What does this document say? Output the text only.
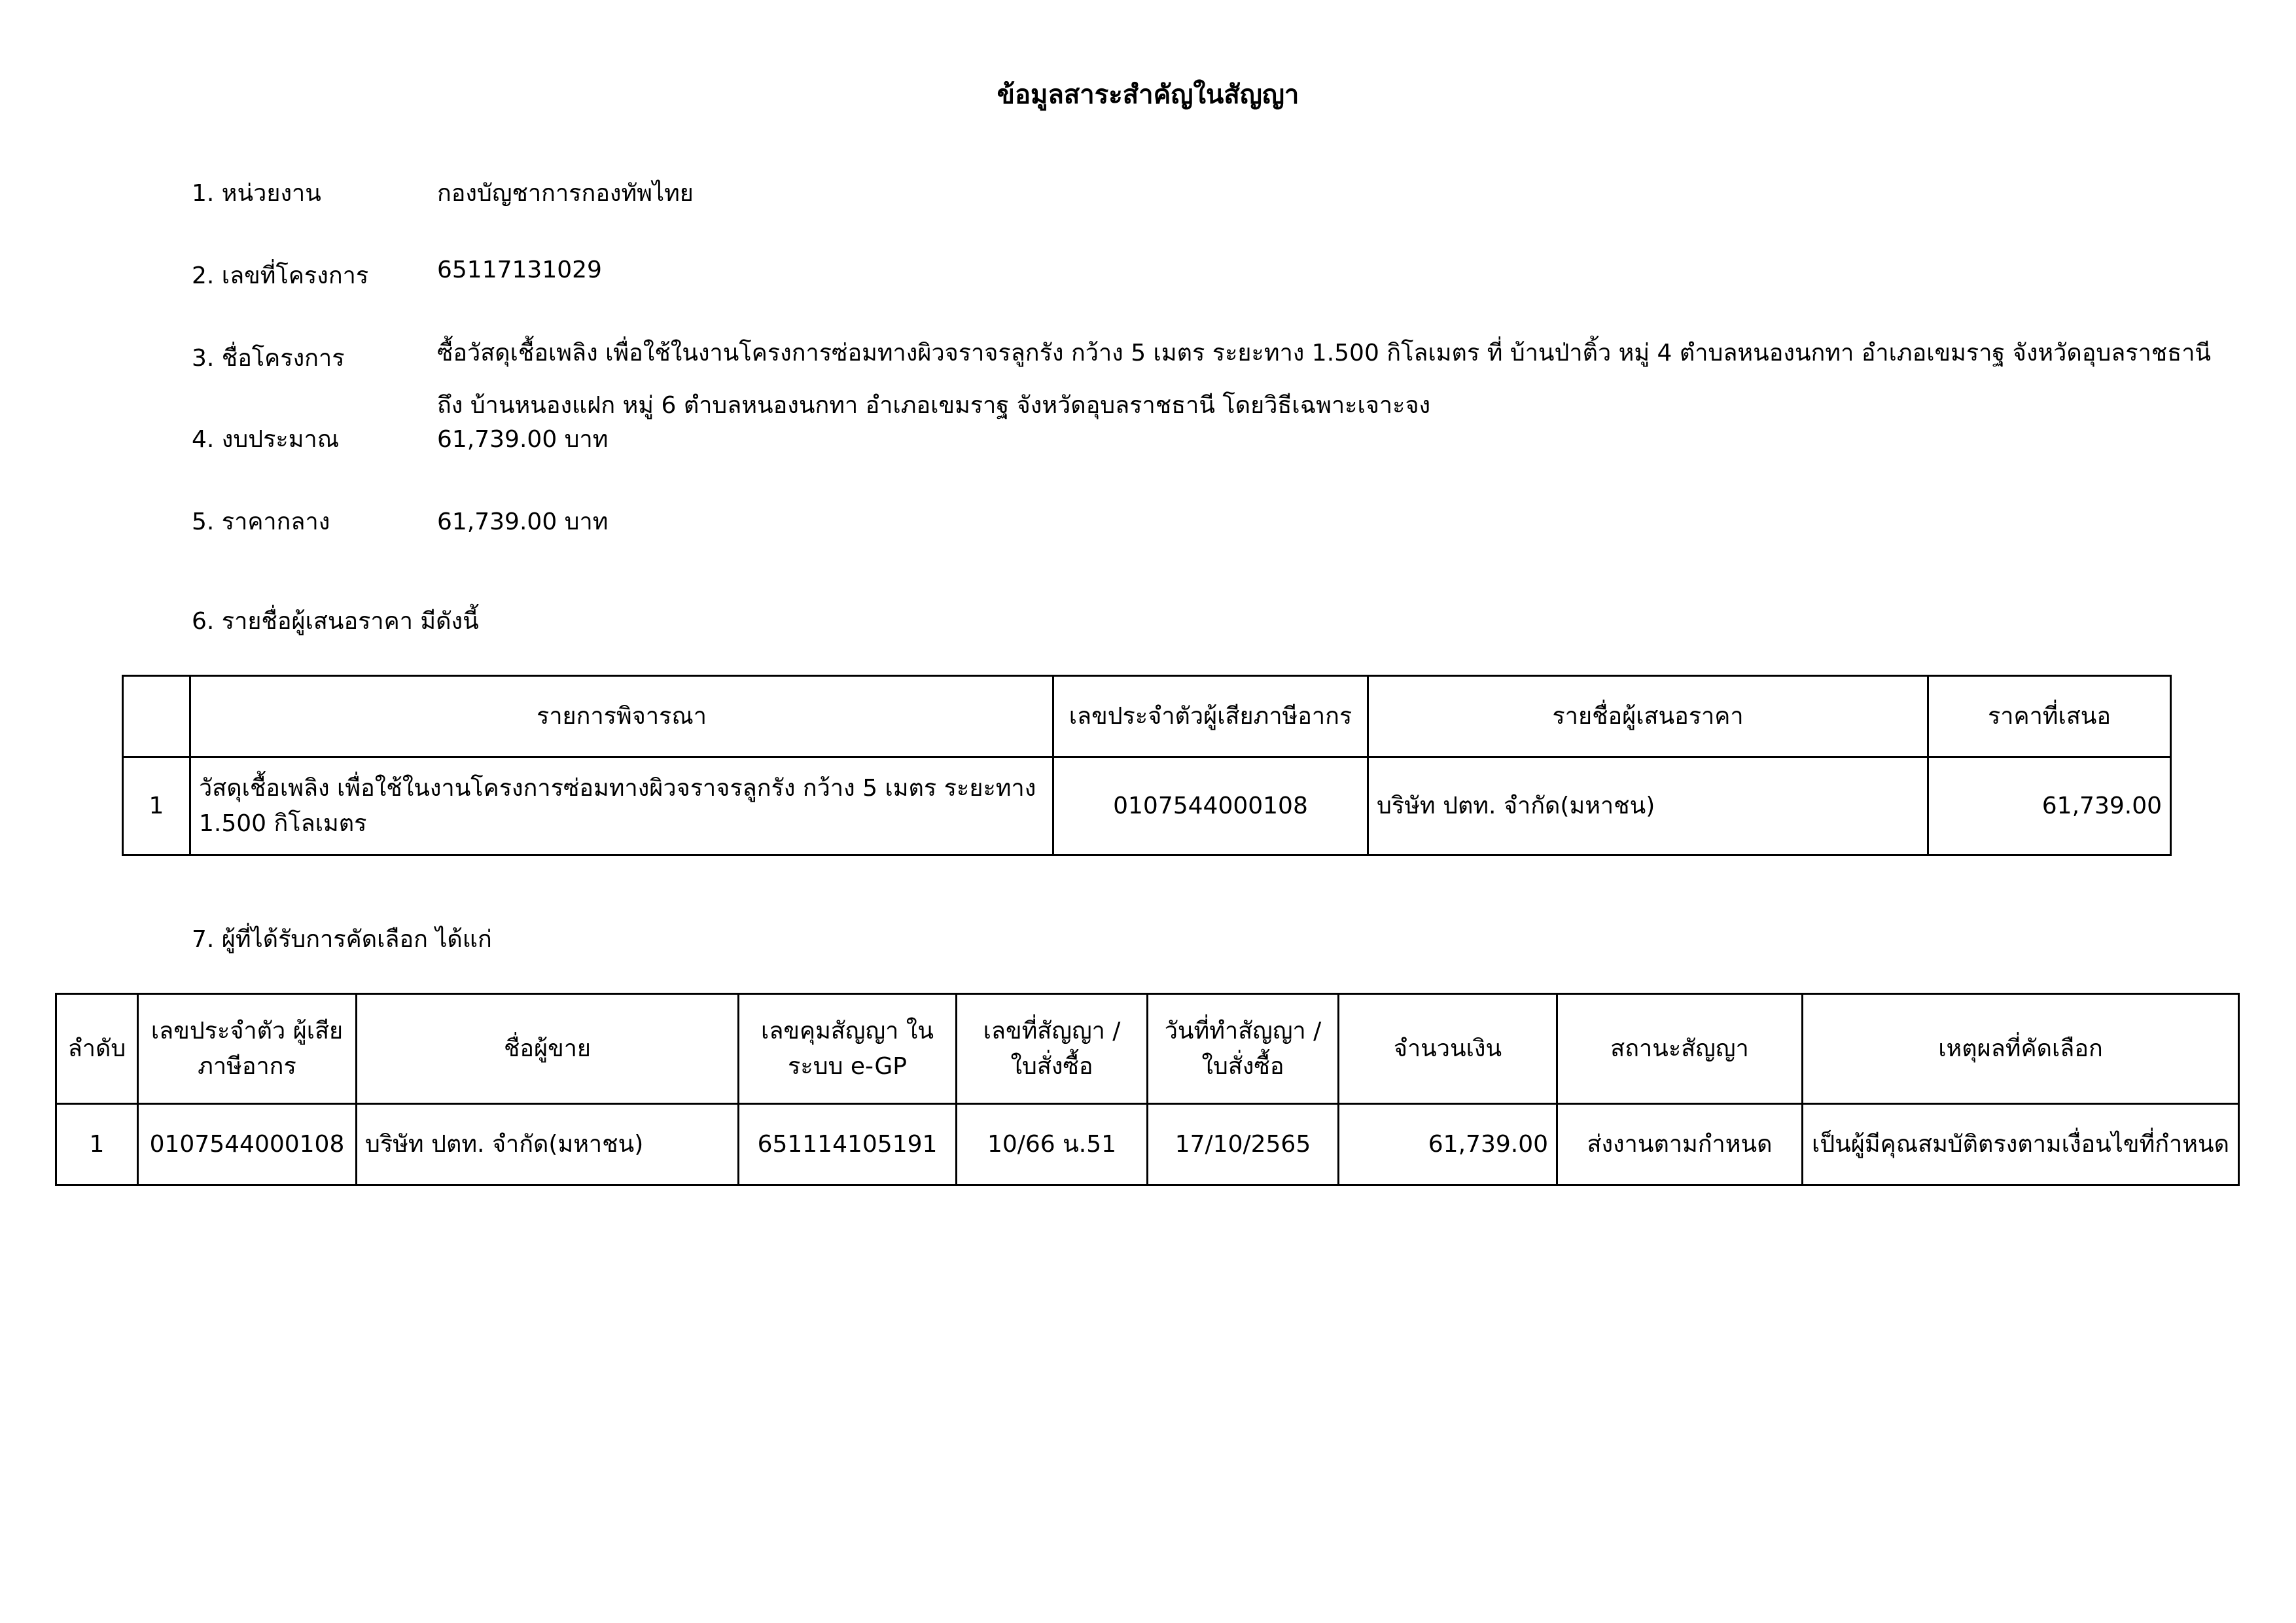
ข้อมูลสาระสำคัญในสัญญา
1. หน่วยงาน	กองบัญชาการกองทัพไทย
2. เลขที่โครงการ	65117131029
3. ชื่อโครงการ	ซื้อวัสดุเชื้อเพลิง เพื่อใช้ในงานโครงการซ่อมทางผิวจราจรลูกรัง กว้าง 5 เมตร ระยะทาง 1.500 กิโลเมตร ที่ บ้านป่าติ้ว หมู่ 4 ตำบลหนองนกทา อำเภอเขมราฐ จังหวัดอุบลราชธานี ถึง บ้านหนองแฝก หมู่ 6 ตำบลหนองนกทา อำเภอเขมราฐ จังหวัดอุบลราชธานี โดยวิธีเฉพาะเจาะจง
4. งบประมาณ	61,739.00 บาท
5. ราคากลาง	61,739.00 บาท
6. รายชื่อผู้เสนอราคา มีดังนี้
	รายการพิจารณา	เลขประจำตัวผู้เสียภาษีอากร	รายชื่อผู้เสนอราคา	ราคาที่เสนอ
1	วัสดุเชื้อเพลิง เพื่อใช้ในงานโครงการซ่อมทางผิวจราจรลูกรัง กว้าง 5 เมตร ระยะทาง 1.500 กิโลเมตร	0107544000108	บริษัท ปตท. จำกัด(มหาชน)	61,739.00
7. ผู้ที่ได้รับการคัดเลือก ได้แก่
ลำดับ	เลขประจำตัว ผู้เสียภาษีอากร	ชื่อผู้ขาย	เลขคุมสัญญา ในระบบ e-GP	เลขที่สัญญา / ใบสั่งซื้อ	วันที่ทำสัญญา / ใบสั่งซื้อ	จำนวนเงิน	สถานะสัญญา	เหตุผลที่คัดเลือก
1	0107544000108	บริษัท ปตท. จำกัด(มหาชน)	651114105191	10/66 น.51	17/10/2565	61,739.00	ส่งงานตามกำหนด	เป็นผู้มีคุณสมบัติตรงตามเงื่อนไขที่กำหนด
